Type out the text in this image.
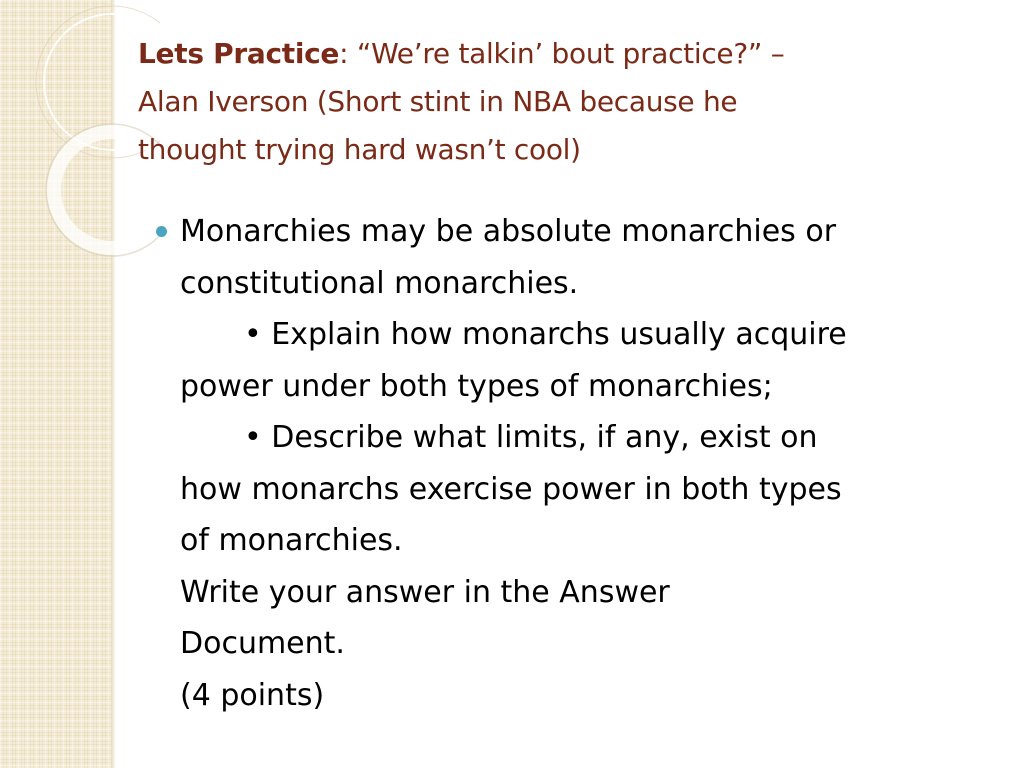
Lets Practice: “We’re talkin’ bout practice?” –
Alan Iverson (Short stint in NBA because he
thought trying hard wasn’t cool)
Monarchies may be absolute monarchies or
constitutional monarchies.
• Explain how monarchs usually acquire
power under both types of monarchies;
• Describe what limits, if any, exist on
how monarchs exercise power in both types
of monarchies.
Write your answer in the Answer
Document.
(4 points)
